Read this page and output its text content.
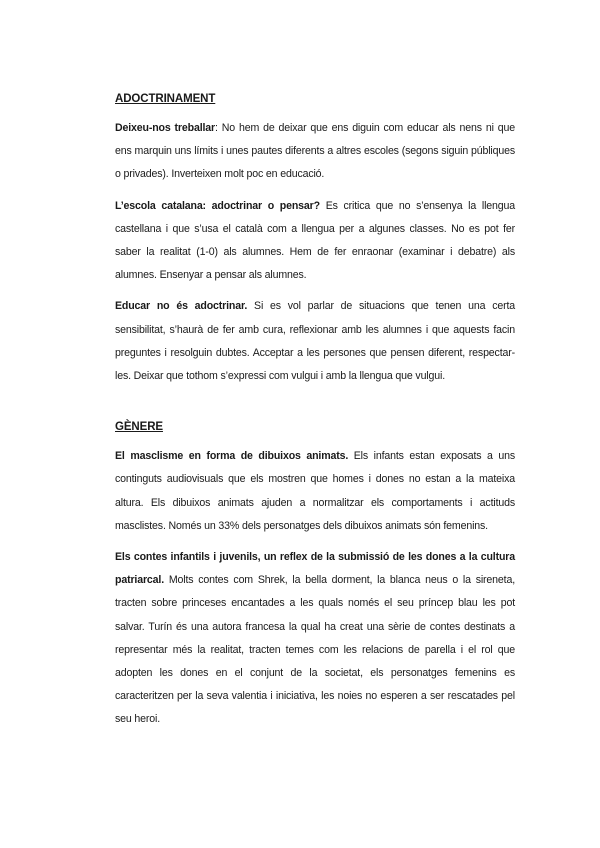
ADOCTRINAMENT

Deixeu-nos treballar: No hem de deixar que ens diguin com educar als nens ni que ens marquin uns límits i unes pautes diferents a altres escoles (segons siguin públiques o privades). Inverteixen molt poc en educació.

L’escola catalana: adoctrinar o pensar? Es critica que no s’ensenya la llengua castellana i que s’usa el català com a llengua per a algunes classes. No es pot fer saber la realitat (1-0) als alumnes. Hem de fer enraonar (examinar i debatre) als alumnes. Ensenyar a pensar als alumnes.

Educar no és adoctrinar. Si es vol parlar de situacions que tenen una certa sensibilitat, s’haurà de fer amb cura, reflexionar amb les alumnes i que aquests facin preguntes i resolguin dubtes. Acceptar a les persones que pensen diferent, respectar-les. Deixar que tothom s’expressi com vulgui i amb la llengua que vulgui.

GÈNERE

El masclisme en forma de dibuixos animats. Els infants estan exposats a uns continguts audiovisuals que els mostren que homes i dones no estan a la mateixa altura. Els dibuixos animats ajuden a normalitzar els comportaments i actituds masclistes. Només un 33% dels personatges dels dibuixos animats són femenins.

Els contes infantils i juvenils, un reflex de la submissió de les dones a la cultura patriarcal. Molts contes com Shrek, la bella dorment, la blanca neus o la sireneta, tracten sobre princeses encantades a les quals només el seu príncep blau les pot salvar. Turín és una autora francesa la qual ha creat una sèrie de contes destinats a representar més la realitat, tracten temes com les relacions de parella i el rol que adopten les dones en el conjunt de la societat, els personatges femenins es caracteritzen per la seva valentia i iniciativa, les noies no esperen a ser rescatades pel seu heroi.
